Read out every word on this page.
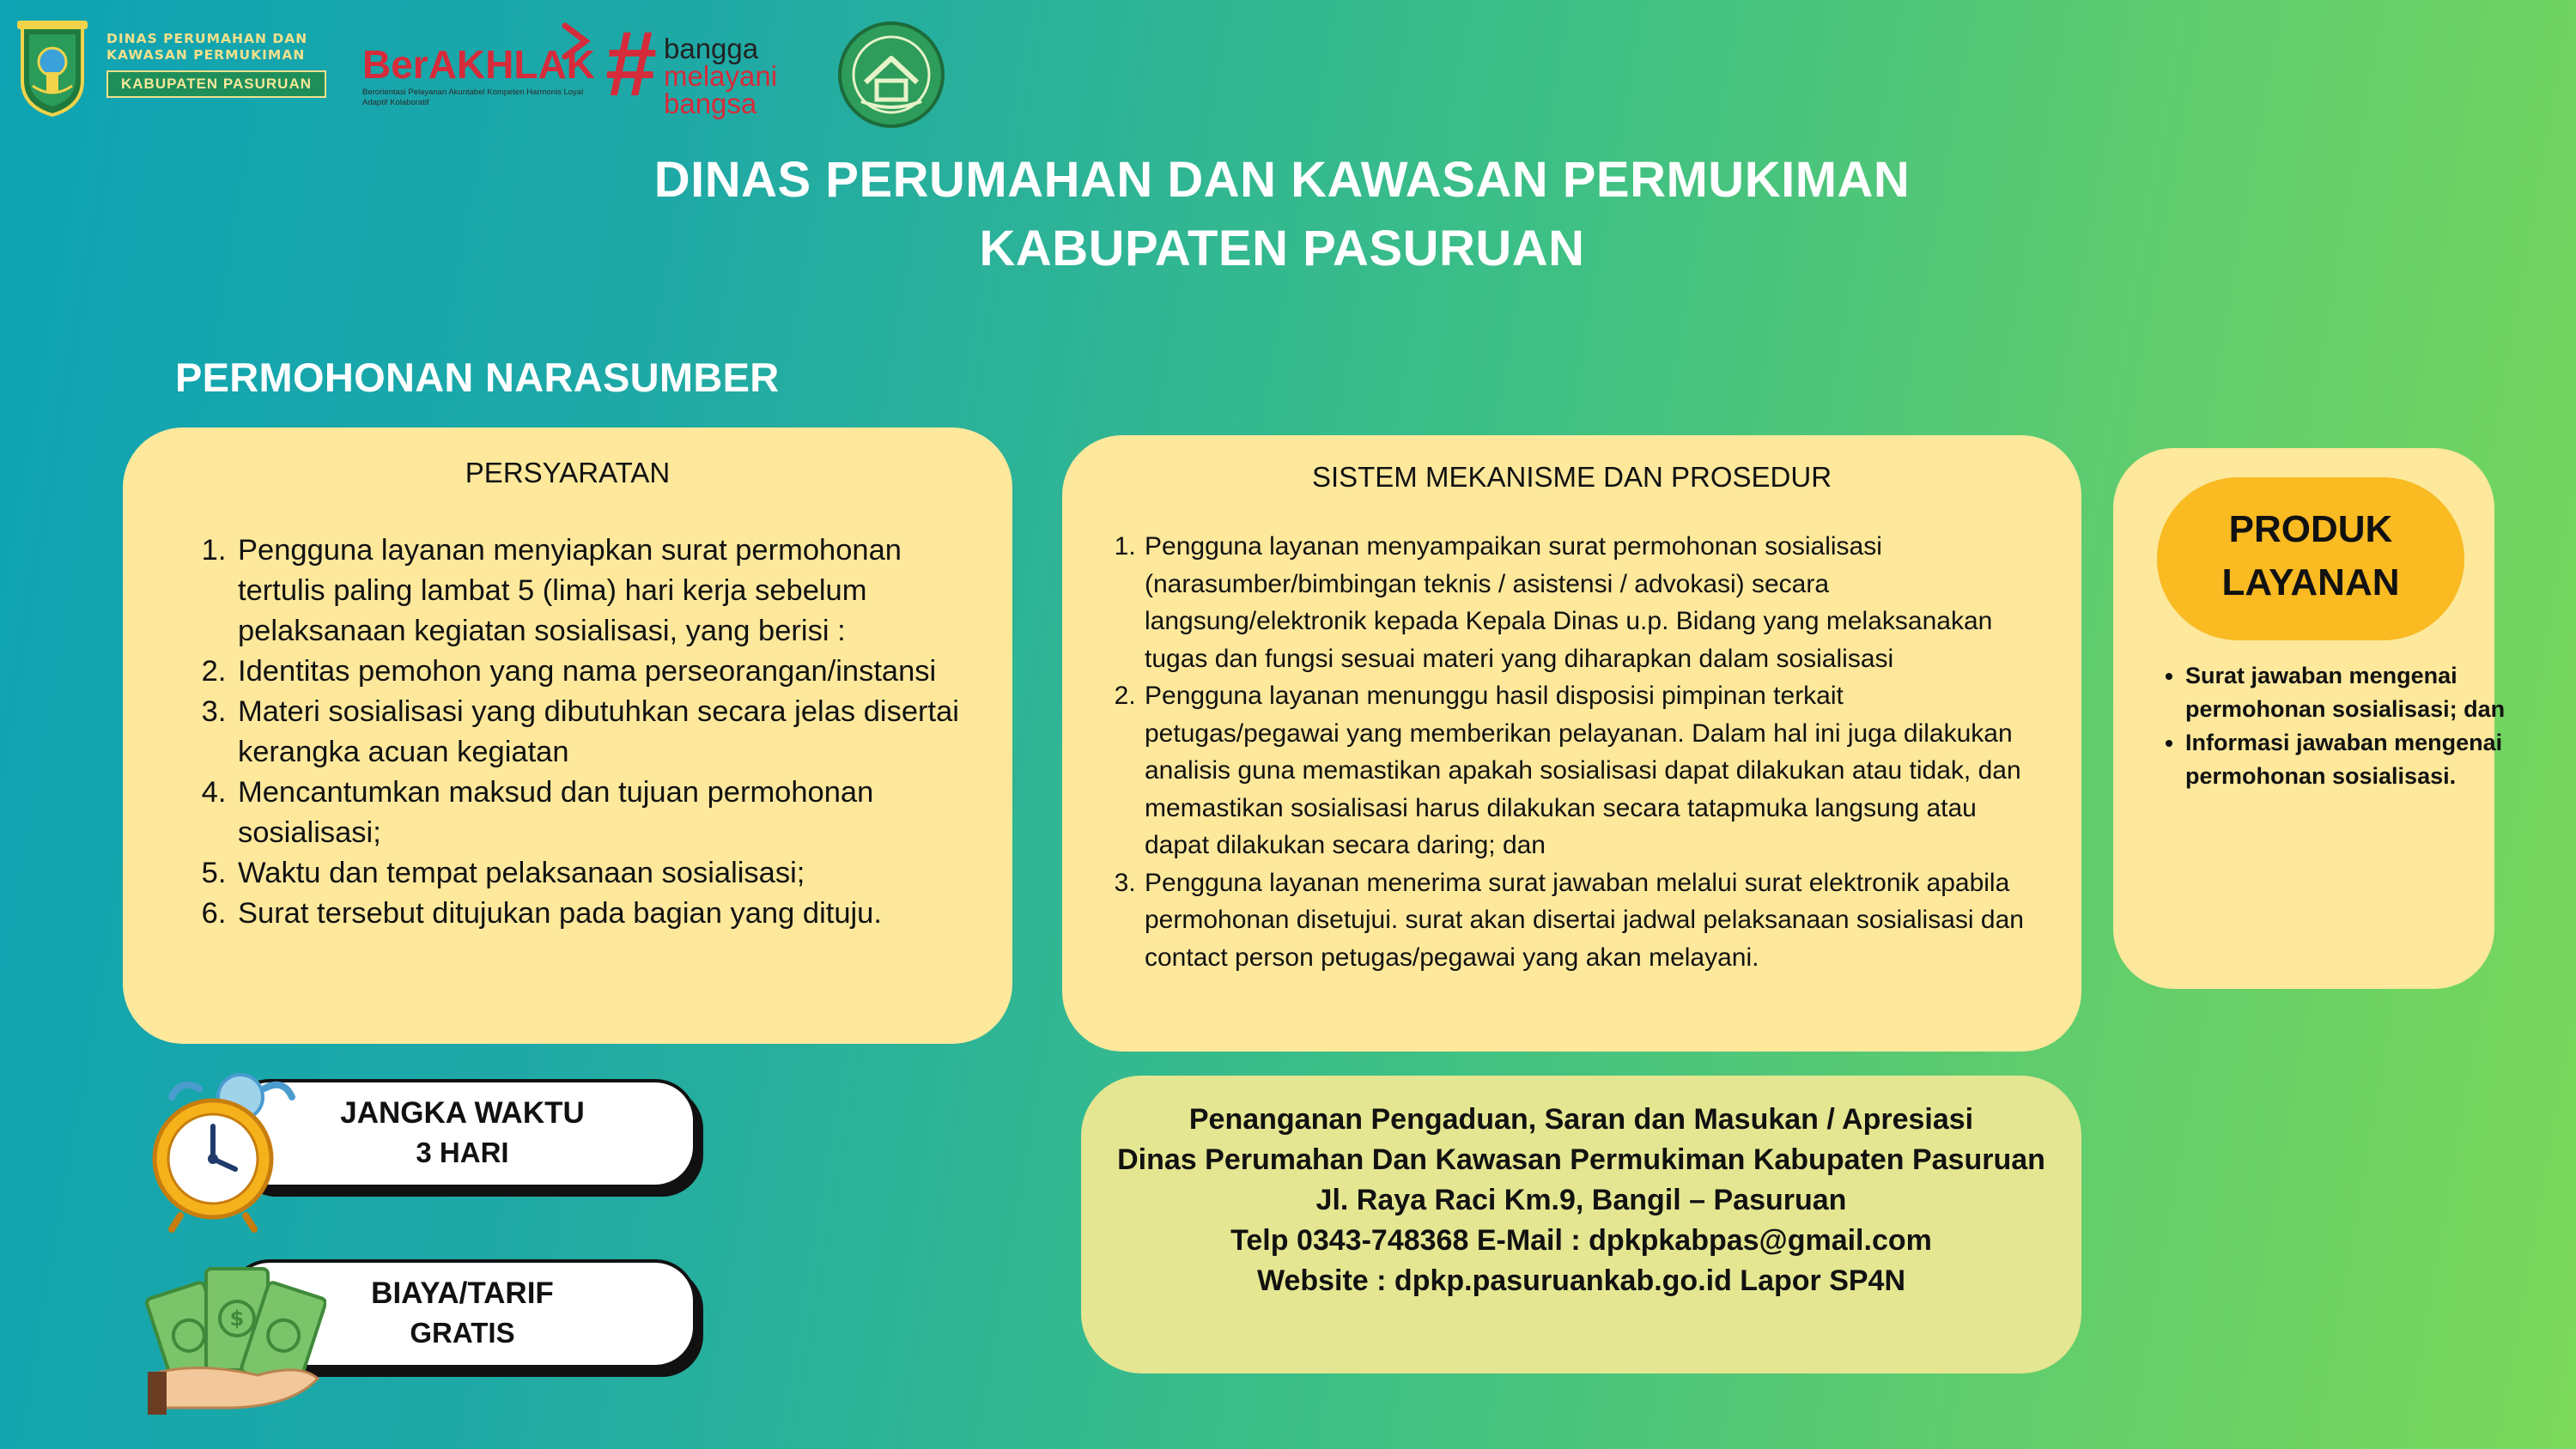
DINAS PERUMAHAN DAN
KAWASAN PERMUKIMAN
KABUPATEN PASURUAN	BerAKHLAK
Berorientasi Pelayanan Akuntabel Kompeten Harmonis Loyal Adaptif Kolaboratif	# bangga
melayani
bangsa
DINAS PERUMAHAN DAN KAWASAN PERMUKIMAN
KABUPATEN PASURUAN
PERMOHONAN NARASUMBER
PERSYARATAN
1. Pengguna layanan menyiapkan surat permohonan tertulis paling lambat 5 (lima) hari kerja sebelum pelaksanaan kegiatan sosialisasi, yang berisi :
2. Identitas pemohon yang nama perseorangan/instansi
3. Materi sosialisasi yang dibutuhkan secara jelas disertai kerangka acuan kegiatan
4. Mencantumkan maksud dan tujuan permohonan sosialisasi;
5. Waktu dan tempat pelaksanaan sosialisasi;
6. Surat tersebut ditujukan pada bagian yang dituju.
SISTEM MEKANISME DAN PROSEDUR
1. Pengguna layanan menyampaikan surat permohonan sosialisasi (narasumber/bimbingan teknis / asistensi / advokasi) secara langsung/elektronik kepada Kepala Dinas u.p. Bidang yang melaksanakan tugas dan fungsi sesuai materi yang diharapkan dalam sosialisasi
2. Pengguna layanan menunggu hasil disposisi pimpinan terkait petugas/pegawai yang memberikan pelayanan. Dalam hal ini juga dilakukan analisis guna memastikan apakah sosialisasi dapat dilakukan atau tidak, dan memastikan sosialisasi harus dilakukan secara tatapmuka langsung atau dapat dilakukan secara daring; dan
3. Pengguna layanan menerima surat jawaban melalui surat elektronik apabila permohonan disetujui. surat akan disertai jadwal pelaksanaan sosialisasi dan contact person petugas/pegawai yang akan melayani.
PRODUK
LAYANAN
• Surat jawaban mengenai permohonan sosialisasi; dan
• Informasi jawaban mengenai permohonan sosialisasi.
JANGKA WAKTU
3 HARI
BIAYA/TARIF
GRATIS
$
Penanganan Pengaduan, Saran dan Masukan / Apresiasi
Dinas Perumahan Dan Kawasan Permukiman Kabupaten Pasuruan
Jl. Raya Raci Km.9, Bangil – Pasuruan
Telp 0343-748368 E-Mail : dpkpkabpas@gmail.com
Website : dpkp.pasuruankab.go.id Lapor SP4N
